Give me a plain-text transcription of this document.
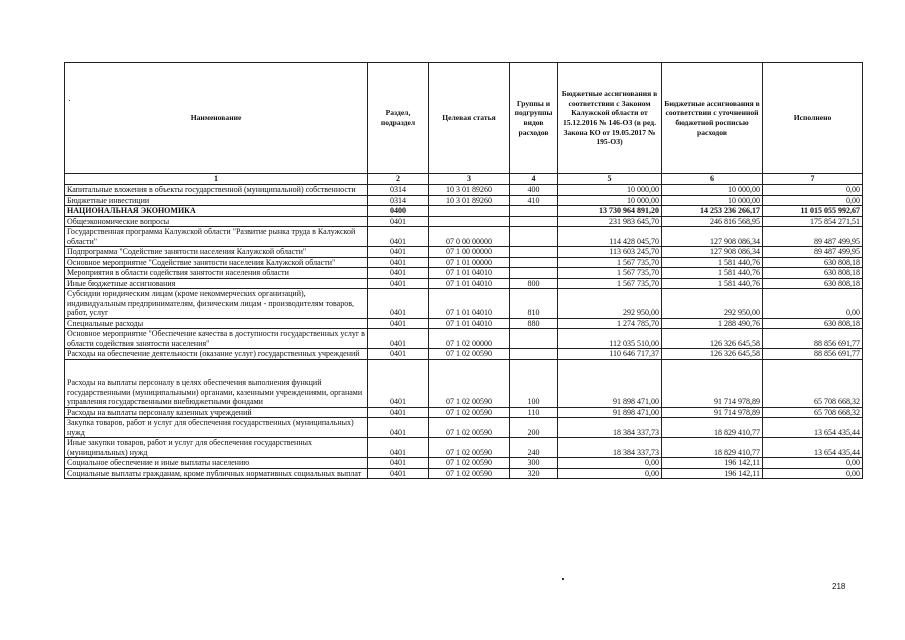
Наименование	Раздел, подраздел	Целевая статья	Группы и подгруппы видов расходов	Бюджетные ассигнования в соответствии с Законом Калужской области от 15.12.2016 № 146-ОЗ (в ред. Закона КО от 19.05.2017 № 195-ОЗ)	Бюджетные ассигнования в соответствии с уточненной бюджетной росписью расходов	Исполнено
1	2	3	4	5	6	7
Капитальные вложения в объекты государственной (муниципальной) собственности	0314	10 3 01 89260	400	10 000,00	10 000,00	0,00
Бюджетные инвестиции	0314	10 3 01 89260	410	10 000,00	10 000,00	0,00
НАЦИОНАЛЬНАЯ ЭКОНОМИКА	0400			13 730 964 891,20	14 253 236 266,17	11 015 055 992,67
Общеэкономические вопросы	0401			231 983 645,70	246 816 568,95	175 854 271,51
Государственная программа Калужской области "Развитие рынка труда в Калужской области"	0401	07 0 00 00000		114 428 045,70	127 908 086,34	89 487 499,95
Подпрограмма "Содействие занятости населения Калужской области"	0401	07 1 00 00000		113 603 245,70	127 908 086,34	89 487 499,95
Основное мероприятие "Содействие занятости населения Калужской области"	0401	07 1 01 00000		1 567 735,70	1 581 440,76	630 808,18
Мероприятия в области содействия занятости населения области	0401	07 1 01 04010		1 567 735,70	1 581 440,76	630 808,18
Иные бюджетные ассигнования	0401	07 1 01 04010	800	1 567 735,70	1 581 440,76	630 808,18
Субсидии юридическим лицам (кроме некоммерческих организаций), индивидуальным предпринимателям, физическим лицам - производителям товаров, работ, услуг	0401	07 1 01 04010	810	292 950,00	292 950,00	0,00
Специальные расходы	0401	07 1 01 04010	880	1 274 785,70	1 288 490,76	630 808,18
Основное мероприятие "Обеспечение качества в доступности государственных услуг в области содействия занятости населения"	0401	07 1 02 00000		112 035 510,00	126 326 645,58	88 856 691,77
Расходы на обеспечение деятельности (оказание услуг) государственных учреждений	0401	07 1 02 00590		110 646 717,37	126 326 645,58	88 856 691,77
Расходы на выплаты персоналу в целях обеспечения выполнения функций государственными (муниципальными) органами, казенными учреждениями, органами управления государственными внебюджетными фондами	0401	07 1 02 00590	100	91 898 471,00	91 714 978,89	65 708 668,32
Расходы на выплаты персоналу казенных учреждений	0401	07 1 02 00590	110	91 898 471,00	91 714 978,89	65 708 668,32
Закупка товаров, работ и услуг для обеспечения государственных (муниципальных) нужд	0401	07 1 02 00590	200	18 384 337,73	18 829 410,77	13 654 435,44
Иные закупки товаров, работ и услуг для обеспечения государственных (муниципальных) нужд	0401	07 1 02 00590	240	18 384 337,73	18 829 410,77	13 654 435,44
Социальное обеспечение и иные выплаты населению	0401	07 1 02 00590	300	0,00	196 142,11	0,00
Социальные выплаты гражданам, кроме публичных нормативных социальных выплат	0401	07 1 02 00590	320	0,00	196 142,11	0,00
218
